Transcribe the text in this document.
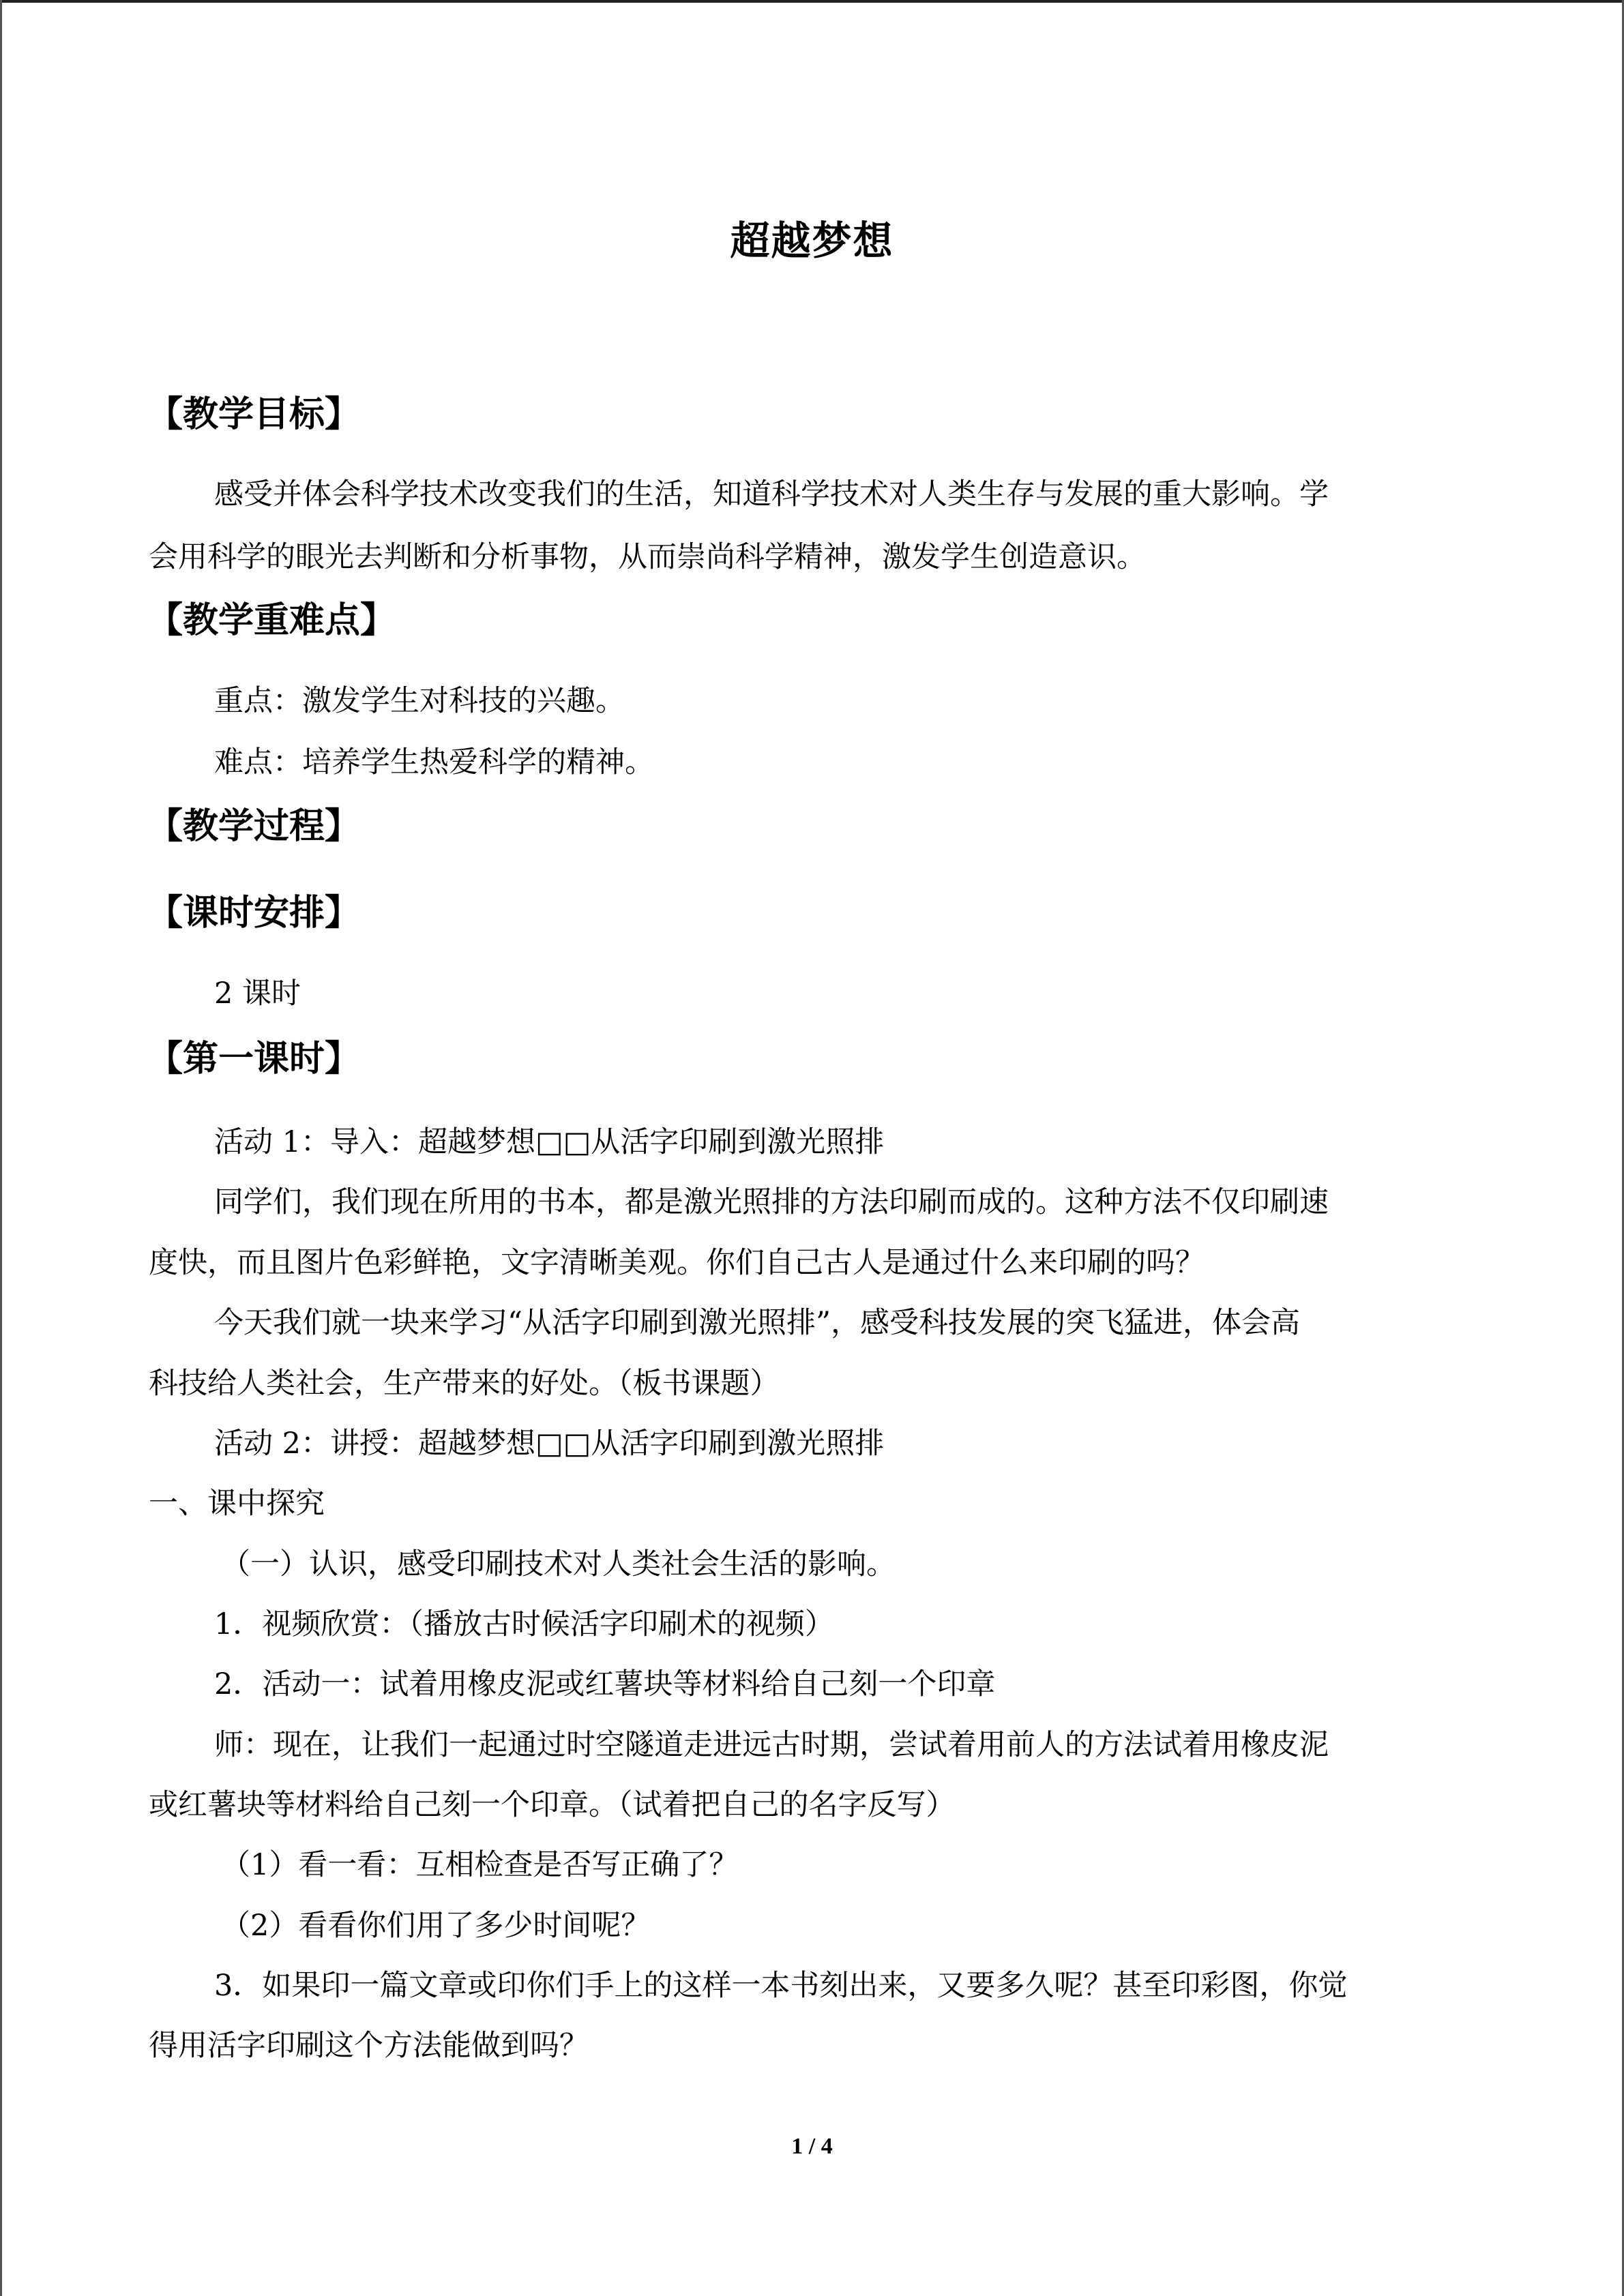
超越梦想
【教学目标】
感受并体会科学技术改变我们的生活，知道科学技术对人类生存与发展的重大影响。学
会用科学的眼光去判断和分析事物，从而崇尚科学精神，激发学生创造意识。
【教学重难点】
重点：激发学生对科技的兴趣。
难点：培养学生热爱科学的精神。
【教学过程】
【课时安排】
2 课时
【第一课时】
活动 1：导入：超越梦想□□从活字印刷到激光照排
同学们，我们现在所用的书本，都是激光照排的方法印刷而成的。这种方法不仅印刷速
度快，而且图片色彩鲜艳，文字清晰美观。你们自己古人是通过什么来印刷的吗？
今天我们就一块来学习“从活字印刷到激光照排”，感受科技发展的突飞猛进，体会高
科技给人类社会，生产带来的好处。（板书课题）
活动 2：讲授：超越梦想□□从活字印刷到激光照排
一、课中探究
（一）认识，感受印刷技术对人类社会生活的影响。
1．视频欣赏：（播放古时候活字印刷术的视频）
2．活动一：试着用橡皮泥或红薯块等材料给自己刻一个印章
师：现在，让我们一起通过时空隧道走进远古时期，尝试着用前人的方法试着用橡皮泥
或红薯块等材料给自己刻一个印章。（试着把自己的名字反写）
（1）看一看：互相检查是否写正确了？
（2）看看你们用了多少时间呢？
3．如果印一篇文章或印你们手上的这样一本书刻出来，又要多久呢？甚至印彩图，你觉
得用活字印刷这个方法能做到吗？
1 / 4
